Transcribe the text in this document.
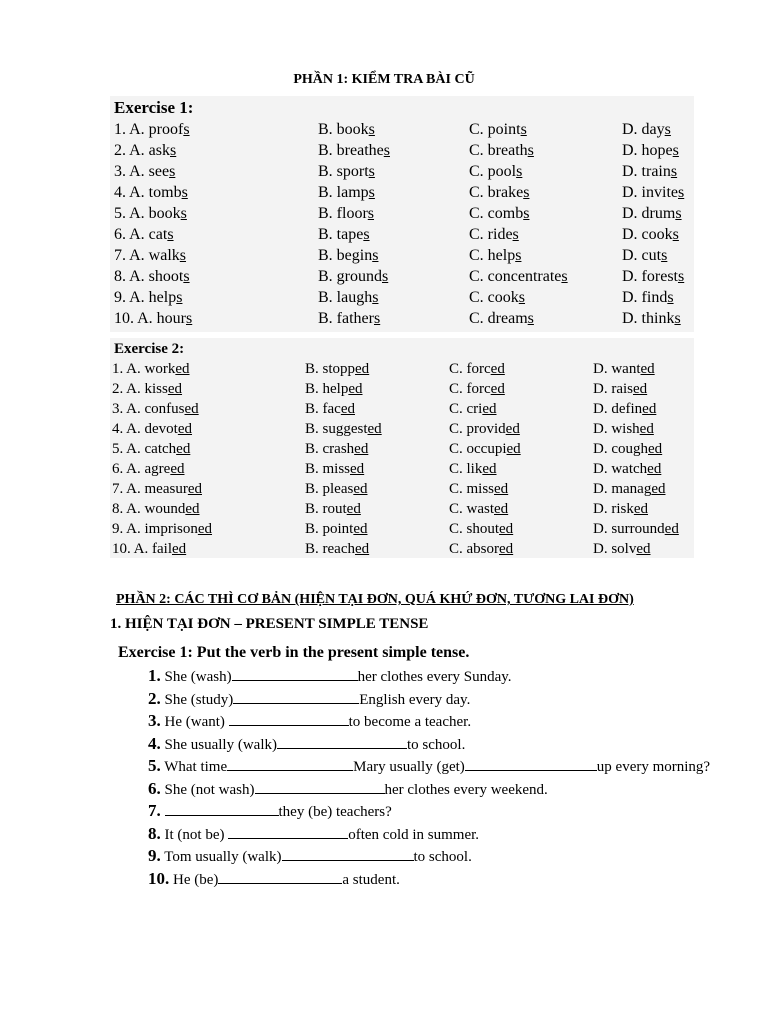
PHẦN 1: KIỂM TRA BÀI CŨ
Exercise 1:
1. A. proofs	B. books	C. points	D. days
2. A. asks	B. breathes	C. breaths	D. hopes
3. A. sees	B. sports	C. pools	D. trains
4. A. tombs	B. lamps	C. brakes	D. invites
5. A. books	B. floors	C. combs	D. drums
6. A. cats	B. tapes	C. rides	D. cooks
7. A. walks	B. begins	C. helps	D. cuts
8. A. shoots	B. grounds	C. concentrates	D. forests
9. A. helps	B. laughs	C. cooks	D. finds
10. A. hours	B. fathers	C. dreams	D. thinks
Exercise 2:
1. A. worked	B. stopped	C. forced	D. wanted
2. A. kissed	B. helped	C. forced	D. raised
3. A. confused	B. faced	C. cried	D. defined
4. A. devoted	B. suggested	C. provided	D. wished
5. A. catched	B. crashed	C. occupied	D. coughed
6. A. agreed	B. missed	C. liked	D. watched
7. A. measured	B. pleased	C. missed	D. managed
8. A. wounded	B. routed	C. wasted	D. risked
9. A. imprisoned	B. pointed	C. shouted	D. surrounded
10. A. failed	B. reached	C. absored	D. solved
PHẦN 2: CÁC THÌ CƠ BẢN (HIỆN TẠI ĐƠN, QUÁ KHỨ ĐƠN, TƯƠNG LAI ĐƠN)
1. HIỆN TẠI ĐƠN – PRESENT SIMPLE TENSE
Exercise 1: Put the verb in the present simple tense.
1. She (wash)	her clothes every Sunday.
2. She (study)	English every day.
3. He (want)	to become a teacher.
4. She usually (walk)	to school.
5. What time	Mary usually (get)	up every morning?
6. She (not wash)	her clothes every weekend.
7.	they (be) teachers?
8. It (not be)	often cold in summer.
9. Tom usually (walk)	to school.
10. He (be)	a student.
